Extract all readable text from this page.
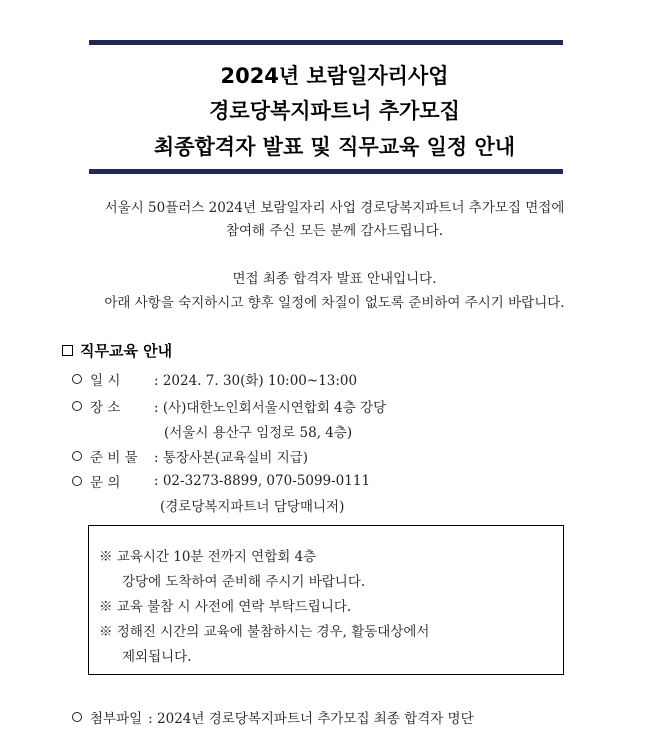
2024년 보람일자리사업
경로당복지파트너 추가모집
최종합격자 발표 및 직무교육 일정 안내
서울시 50플러스 2024년 보람일자리 사업 경로당복지파트너 추가모집 면접에
참여해 주신 모든 분께 감사드립니다.
면접 최종 합격자 발표 안내입니다.
아래 사항을 숙지하시고 향후 일정에 차질이 없도록 준비하여 주시기 바랍니다.
직무교육 안내
일 시	: 2024. 7. 30(화) 10:00~13:00
장 소	: (사)대한노인회서울시연합회 4층 강당
(서울시 용산구 임정로 58, 4층)
준 비 물	: 통장사본(교육실비 지급)
문 의	: 02-3273-8899, 070-5099-0111
(경로당복지파트너 담당매니저)
※ 교육시간 10분 전까지 연합회 4층
강당에 도착하여 준비해 주시기 바랍니다.
※ 교육 불참 시 사전에 연락 부탁드립니다.
※ 정해진 시간의 교육에 불참하시는 경우, 활동대상에서
제외됩니다.
첨부파일 : 2024년 경로당복지파트너 추가모집 최종 합격자 명단
